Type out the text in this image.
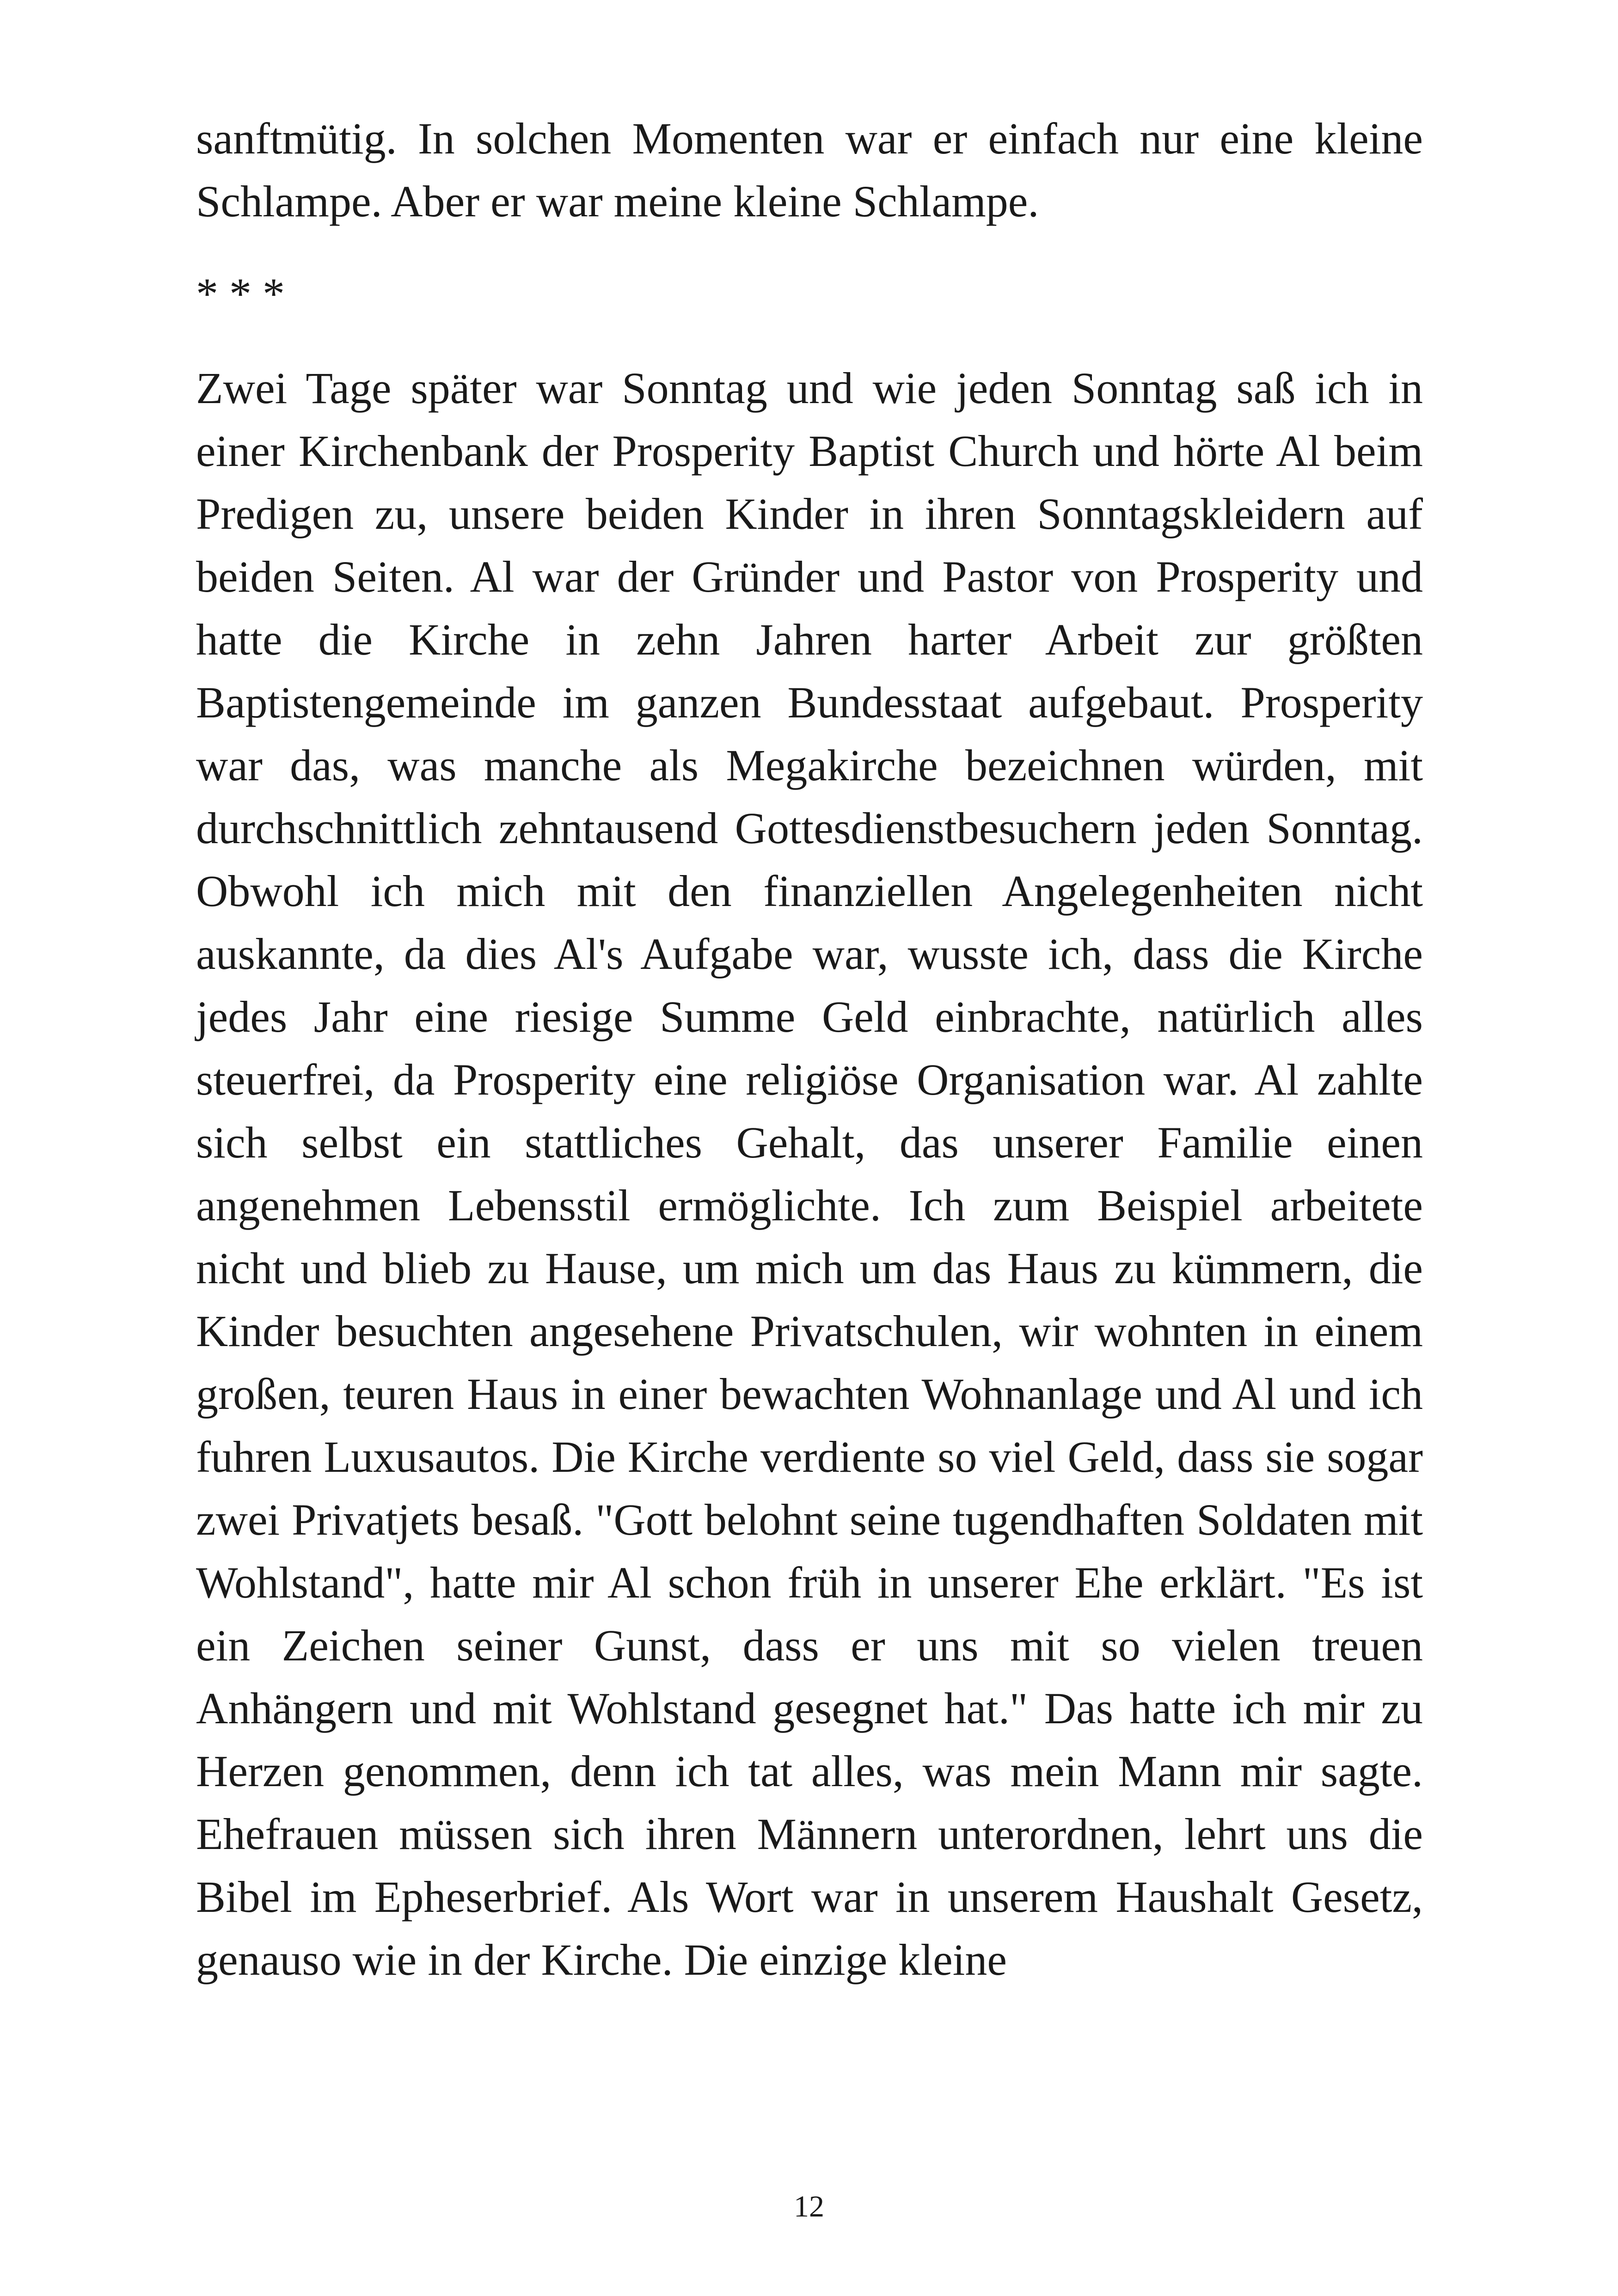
sanftmütig. In solchen Momenten war er einfach nur eine kleine Schlampe. Aber er war meine kleine Schlampe.

* * *

Zwei Tage später war Sonntag und wie jeden Sonntag saß ich in einer Kirchenbank der Prosperity Baptist Church und hörte Al beim Predigen zu, unsere beiden Kinder in ihren Sonntagskleidern auf beiden Seiten. Al war der Gründer und Pastor von Prosperity und hatte die Kirche in zehn Jahren harter Arbeit zur größten Baptistengemeinde im ganzen Bundesstaat aufgebaut. Prosperity war das, was manche als Megakirche bezeichnen würden, mit durchschnittlich zehntausend Gottesdienstbesuchern jeden Sonntag. Obwohl ich mich mit den finanziellen Angelegenheiten nicht auskannte, da dies Al's Aufgabe war, wusste ich, dass die Kirche jedes Jahr eine riesige Summe Geld einbrachte, natürlich alles steuerfrei, da Prosperity eine religiöse Organisation war. Al zahlte sich selbst ein stattliches Gehalt, das unserer Familie einen angenehmen Lebensstil ermöglichte. Ich zum Beispiel arbeitete nicht und blieb zu Hause, um mich um das Haus zu kümmern, die Kinder besuchten angesehene Privatschulen, wir wohnten in einem großen, teuren Haus in einer bewachten Wohnanlage und Al und ich fuhren Luxusautos. Die Kirche verdiente so viel Geld, dass sie sogar zwei Privatjets besaß. "Gott belohnt seine tugendhaften Soldaten mit Wohlstand", hatte mir Al schon früh in unserer Ehe erklärt. "Es ist ein Zeichen seiner Gunst, dass er uns mit so vielen treuen Anhängern und mit Wohlstand gesegnet hat." Das hatte ich mir zu Herzen genommen, denn ich tat alles, was mein Mann mir sagte. Ehefrauen müssen sich ihren Männern unterordnen, lehrt uns die Bibel im Epheserbrief. Als Wort war in unserem Haushalt Gesetz, genauso wie in der Kirche. Die einzige kleine

12
